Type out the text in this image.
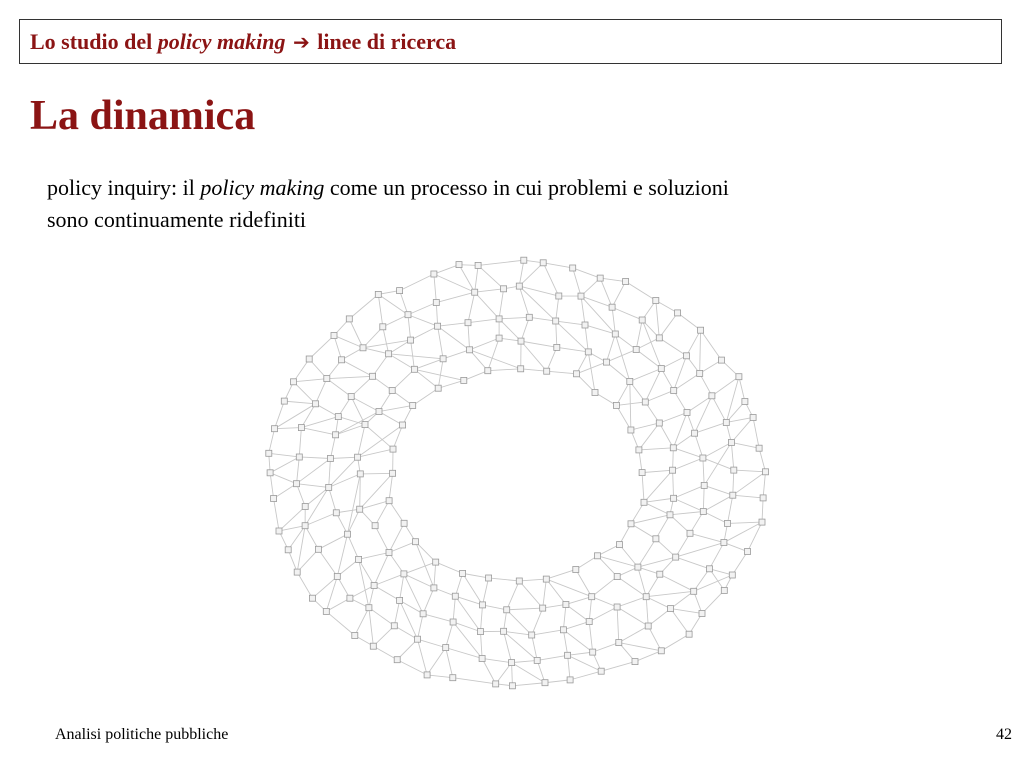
Lo studio del policy making ➔ linee di ricerca
La dinamica

policy inquiry: il policy making come un processo in cui problemi e soluzioni
sono continuamente ridefiniti

Analisi politiche pubbliche	42
